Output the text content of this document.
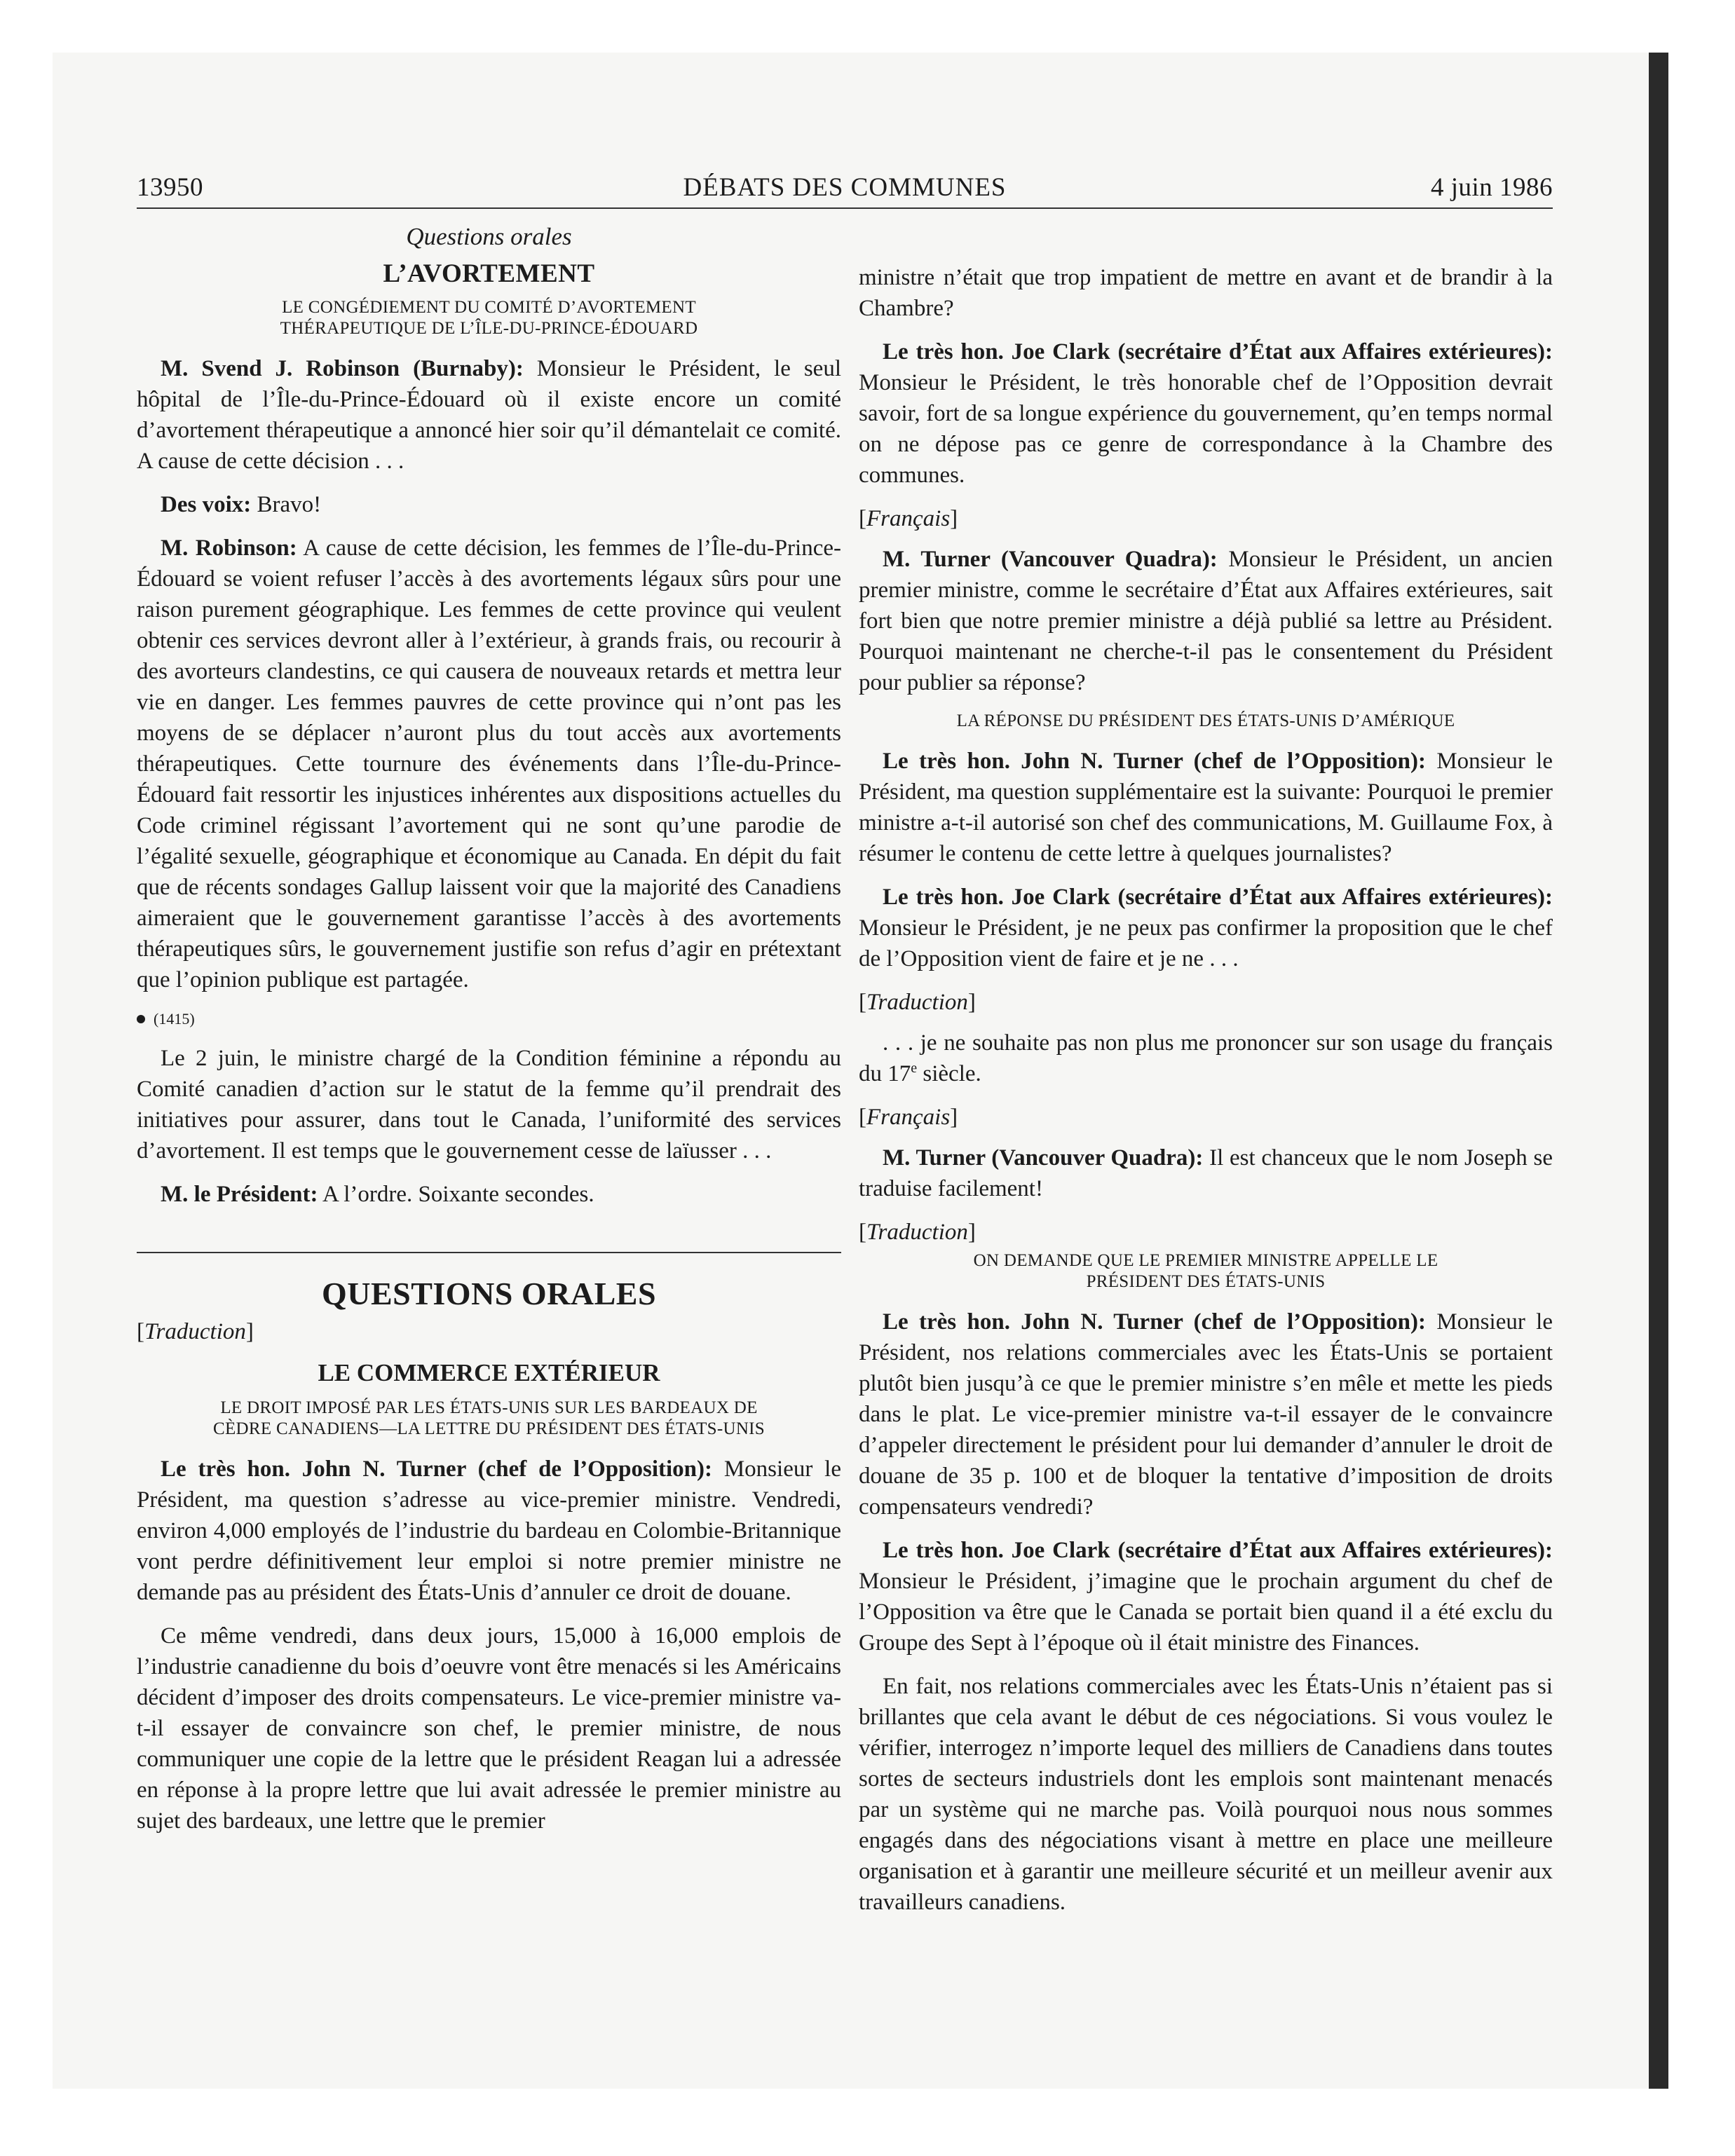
13950	DÉBATS DES COMMUNES	4 juin 1986
Questions orales
L’AVORTEMENT
LE CONGÉDIEMENT DU COMITÉ D’AVORTEMENT
THÉRAPEUTIQUE DE L’ÎLE-DU-PRINCE-ÉDOUARD

M. Svend J. Robinson (Burnaby): Monsieur le Président, le seul hôpital de l’Île-du-Prince-Édouard où il existe encore un comité d’avortement thérapeutique a annoncé hier soir qu’il démantelait ce comité. A cause de cette décision . . .

Des voix: Bravo!

M. Robinson: A cause de cette décision, les femmes de l’Île-du-Prince-Édouard se voient refuser l’accès à des avortements légaux sûrs pour une raison purement géographique. Les femmes de cette province qui veulent obtenir ces services devront aller à l’extérieur, à grands frais, ou recourir à des avorteurs clandestins, ce qui causera de nouveaux retards et mettra leur vie en danger. Les femmes pauvres de cette province qui n’ont pas les moyens de se déplacer n’auront plus du tout accès aux avortements thérapeutiques. Cette tournure des événements dans l’Île-du-Prince-Édouard fait ressortir les injustices inhérentes aux dispositions actuelles du Code criminel régissant l’avortement qui ne sont qu’une parodie de l’égalité sexuelle, géographique et économique au Canada. En dépit du fait que de récents sondages Gallup laissent voir que la majorité des Canadiens aimeraient que le gouvernement garantisse l’accès à des avortements thérapeutiques sûrs, le gouvernement justifie son refus d’agir en prétextant que l’opinion publique est partagée.

(1415)

Le 2 juin, le ministre chargé de la Condition féminine a répondu au Comité canadien d’action sur le statut de la femme qu’il prendrait des initiatives pour assurer, dans tout le Canada, l’uniformité des services d’avortement. Il est temps que le gouvernement cesse de laïusser . . .

M. le Président: A l’ordre. Soixante secondes.

QUESTIONS ORALES
[Traduction]
LE COMMERCE EXTÉRIEUR
LE DROIT IMPOSÉ PAR LES ÉTATS-UNIS SUR LES BARDEAUX DE
CÈDRE CANADIENS—LA LETTRE DU PRÉSIDENT DES ÉTATS-UNIS

Le très hon. John N. Turner (chef de l’Opposition): Monsieur le Président, ma question s’adresse au vice-premier ministre. Vendredi, environ 4,000 employés de l’industrie du bardeau en Colombie-Britannique vont perdre définitivement leur emploi si notre premier ministre ne demande pas au président des États-Unis d’annuler ce droit de douane.

Ce même vendredi, dans deux jours, 15,000 à 16,000 emplois de l’industrie canadienne du bois d’oeuvre vont être menacés si les Américains décident d’imposer des droits compensateurs. Le vice-premier ministre va-t-il essayer de convaincre son chef, le premier ministre, de nous communiquer une copie de la lettre que le président Reagan lui a adressée en réponse à la propre lettre que lui avait adressée le premier ministre au sujet des bardeaux, une lettre que le premier

ministre n’était que trop impatient de mettre en avant et de brandir à la Chambre?

Le très hon. Joe Clark (secrétaire d’État aux Affaires extérieures): Monsieur le Président, le très honorable chef de l’Opposition devrait savoir, fort de sa longue expérience du gouvernement, qu’en temps normal on ne dépose pas ce genre de correspondance à la Chambre des communes.

[Français]

M. Turner (Vancouver Quadra): Monsieur le Président, un ancien premier ministre, comme le secrétaire d’État aux Affaires extérieures, sait fort bien que notre premier ministre a déjà publié sa lettre au Président. Pourquoi maintenant ne cherche-t-il pas le consentement du Président pour publier sa réponse?

LA RÉPONSE DU PRÉSIDENT DES ÉTATS-UNIS D’AMÉRIQUE

Le très hon. John N. Turner (chef de l’Opposition): Monsieur le Président, ma question supplémentaire est la suivante: Pourquoi le premier ministre a-t-il autorisé son chef des communications, M. Guillaume Fox, à résumer le contenu de cette lettre à quelques journalistes?

Le très hon. Joe Clark (secrétaire d’État aux Affaires extérieures): Monsieur le Président, je ne peux pas confirmer la proposition que le chef de l’Opposition vient de faire et je ne . . .

[Traduction]

. . . je ne souhaite pas non plus me prononcer sur son usage du français du 17e siècle.

[Français]

M. Turner (Vancouver Quadra): Il est chanceux que le nom Joseph se traduise facilement!

[Traduction]
ON DEMANDE QUE LE PREMIER MINISTRE APPELLE LE
PRÉSIDENT DES ÉTATS-UNIS

Le très hon. John N. Turner (chef de l’Opposition): Monsieur le Président, nos relations commerciales avec les États-Unis se portaient plutôt bien jusqu’à ce que le premier ministre s’en mêle et mette les pieds dans le plat. Le vice-premier ministre va-t-il essayer de le convaincre d’appeler directement le président pour lui demander d’annuler le droit de douane de 35 p. 100 et de bloquer la tentative d’imposition de droits compensateurs vendredi?

Le très hon. Joe Clark (secrétaire d’État aux Affaires extérieures): Monsieur le Président, j’imagine que le prochain argument du chef de l’Opposition va être que le Canada se portait bien quand il a été exclu du Groupe des Sept à l’époque où il était ministre des Finances.

En fait, nos relations commerciales avec les États-Unis n’étaient pas si brillantes que cela avant le début de ces négociations. Si vous voulez le vérifier, interrogez n’importe lequel des milliers de Canadiens dans toutes sortes de secteurs industriels dont les emplois sont maintenant menacés par un système qui ne marche pas. Voilà pourquoi nous nous sommes engagés dans des négociations visant à mettre en place une meilleure organisation et à garantir une meilleure sécurité et un meilleur avenir aux travailleurs canadiens.
